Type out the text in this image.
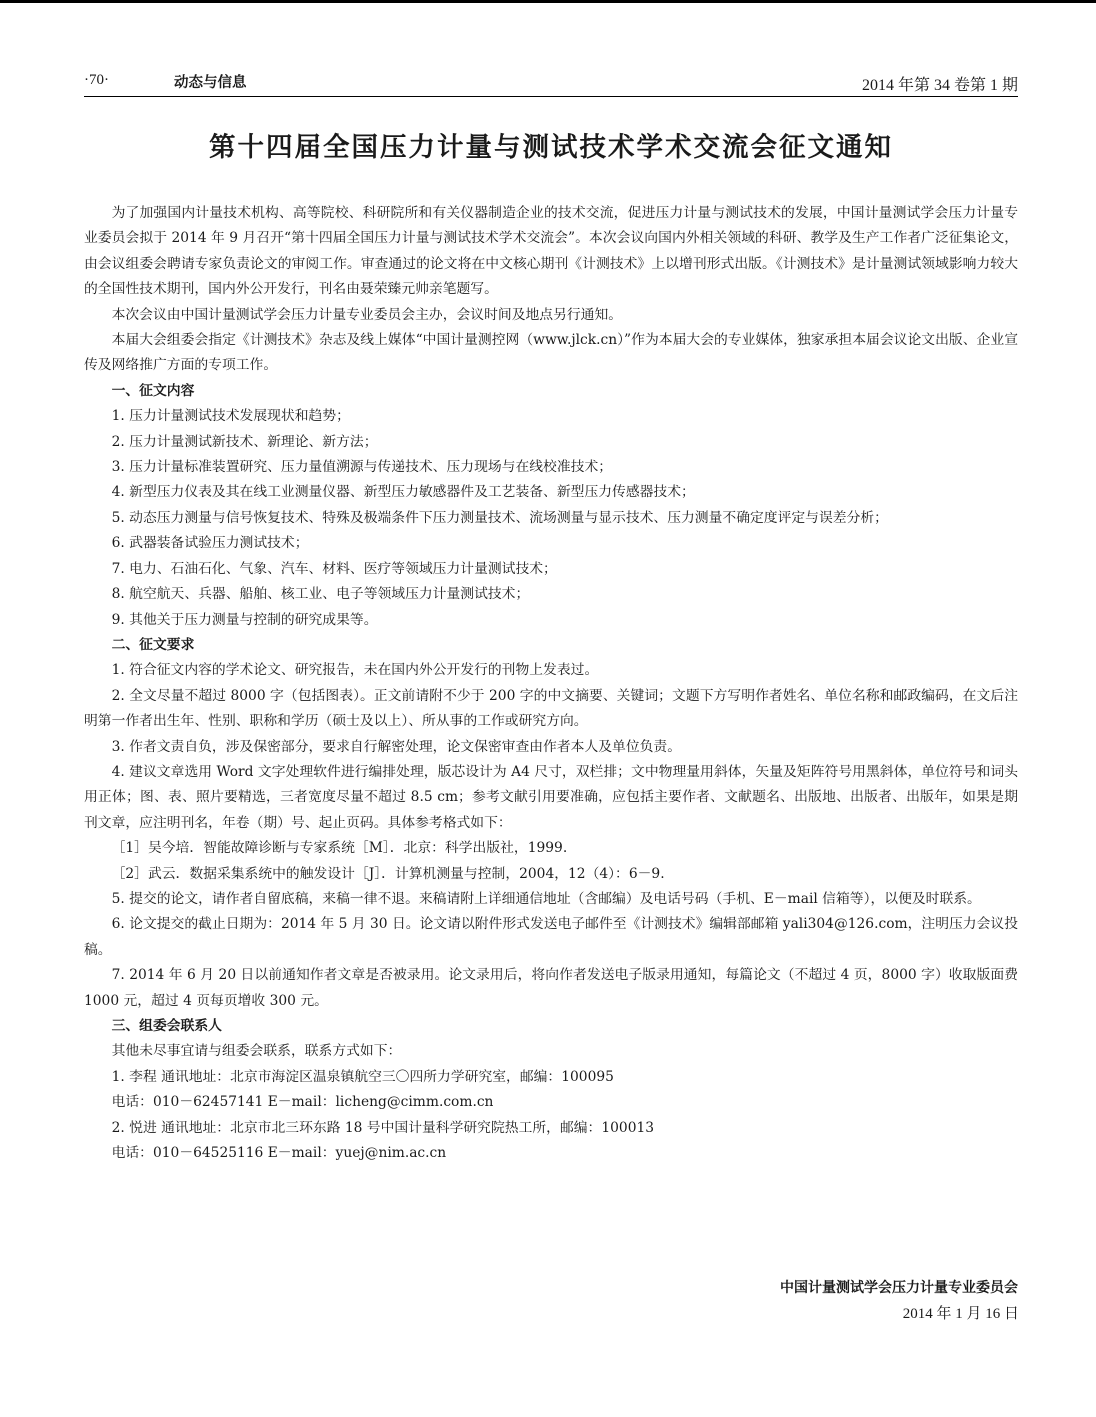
·70·	动态与信息	2014 年第 34 卷第 1 期
第十四届全国压力计量与测试技术学术交流会征文通知

为了加强国内计量技术机构、高等院校、科研院所和有关仪器制造企业的技术交流，促进压力计量与测试技术的发展，中国计量测试学会压力计量专业委员会拟于 2014 年 9 月召开“第十四届全国压力计量与测试技术学术交流会”。本次会议向国内外相关领域的科研、教学及生产工作者广泛征集论文，由会议组委会聘请专家负责论文的审阅工作。审查通过的论文将在中文核心期刊《计测技术》上以增刊形式出版。《计测技术》是计量测试领域影响力较大的全国性技术期刊，国内外公开发行，刊名由聂荣臻元帅亲笔题写。

本次会议由中国计量测试学会压力计量专业委员会主办，会议时间及地点另行通知。

本届大会组委会指定《计测技术》杂志及线上媒体“中国计量测控网（www.jlck.cn）”作为本届大会的专业媒体，独家承担本届会议论文出版、企业宣传及网络推广方面的专项工作。

一、征文内容

1. 压力计量测试技术发展现状和趋势；

2. 压力计量测试新技术、新理论、新方法；

3. 压力计量标准装置研究、压力量值溯源与传递技术、压力现场与在线校准技术；

4. 新型压力仪表及其在线工业测量仪器、新型压力敏感器件及工艺装备、新型压力传感器技术；

5. 动态压力测量与信号恢复技术、特殊及极端条件下压力测量技术、流场测量与显示技术、压力测量不确定度评定与误差分析；

6. 武器装备试验压力测试技术；

7. 电力、石油石化、气象、汽车、材料、医疗等领域压力计量测试技术；

8. 航空航天、兵器、船舶、核工业、电子等领域压力计量测试技术；

9. 其他关于压力测量与控制的研究成果等。

二、征文要求

1. 符合征文内容的学术论文、研究报告，未在国内外公开发行的刊物上发表过。

2. 全文尽量不超过 8000 字（包括图表）。正文前请附不少于 200 字的中文摘要、关键词；文题下方写明作者姓名、单位名称和邮政编码，在文后注明第一作者出生年、性别、职称和学历（硕士及以上）、所从事的工作或研究方向。

3. 作者文责自负，涉及保密部分，要求自行解密处理，论文保密审查由作者本人及单位负责。

4. 建议文章选用 Word 文字处理软件进行编排处理，版芯设计为 A4 尺寸，双栏排；文中物理量用斜体，矢量及矩阵符号用黑斜体，单位符号和词头用正体；图、表、照片要精选，三者宽度尽量不超过 8.5 cm；参考文献引用要准确，应包括主要作者、文献题名、出版地、出版者、出版年，如果是期刊文章，应注明刊名，年卷（期）号、起止页码。具体参考格式如下：

［1］吴今培．智能故障诊断与专家系统［M］．北京：科学出版社，1999.

［2］武云．数据采集系统中的触发设计［J］．计算机测量与控制，2004，12（4）：6－9.

5. 提交的论文，请作者自留底稿，来稿一律不退。来稿请附上详细通信地址（含邮编）及电话号码（手机、E－mail 信箱等），以便及时联系。

6. 论文提交的截止日期为：2014 年 5 月 30 日。论文请以附件形式发送电子邮件至《计测技术》编辑部邮箱 yali304@126.com，注明压力会议投稿。

7. 2014 年 6 月 20 日以前通知作者文章是否被录用。论文录用后，将向作者发送电子版录用通知，每篇论文（不超过 4 页，8000 字）收取版面费 1000 元，超过 4 页每页增收 300 元。

三、组委会联系人

其他未尽事宜请与组委会联系，联系方式如下：

1. 李程 通讯地址：北京市海淀区温泉镇航空三〇四所力学研究室，邮编：100095

电话：010－62457141 E－mail：licheng@cimm.com.cn

2. 悦进 通讯地址：北京市北三环东路 18 号中国计量科学研究院热工所，邮编：100013

电话：010－64525116 E－mail：yuej@nim.ac.cn

中国计量测试学会压力计量专业委员会
2014 年 1 月 16 日
